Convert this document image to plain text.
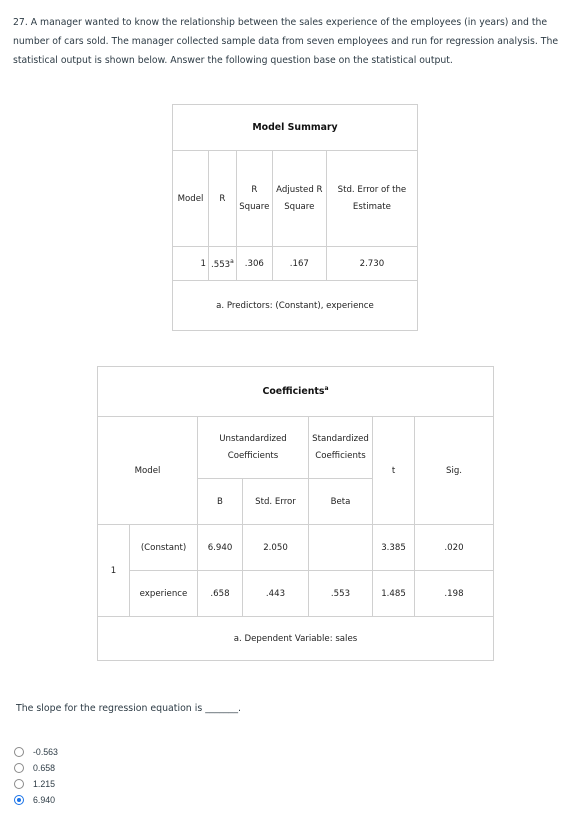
27. A manager wanted to know the relationship between the sales experience of the employees (in years) and the number of cars sold. The manager collected sample data from seven employees and run for regression analysis. The statistical output is shown below. Answer the following question base on the statistical output.
Model Summary				
Model	R	R Square	Adjusted R Square	Std. Error of the Estimate
1	.553$^a$	.306	.167	2.730
a. Predictors: (Constant), experience				
Coefficients$^a$
Model		Unstandardized Coefficients		Standardized Coefficients	t	Sig.
		B	Std. Error	Beta		
1	(Constant)	6.940	2.050		3.385	.020
	experience	.658	.443	.553	1.485	.198
a. Dependent Variable: sales						
The slope for the regression equation is _______.
-0.563
0.658
1.215
6.940
